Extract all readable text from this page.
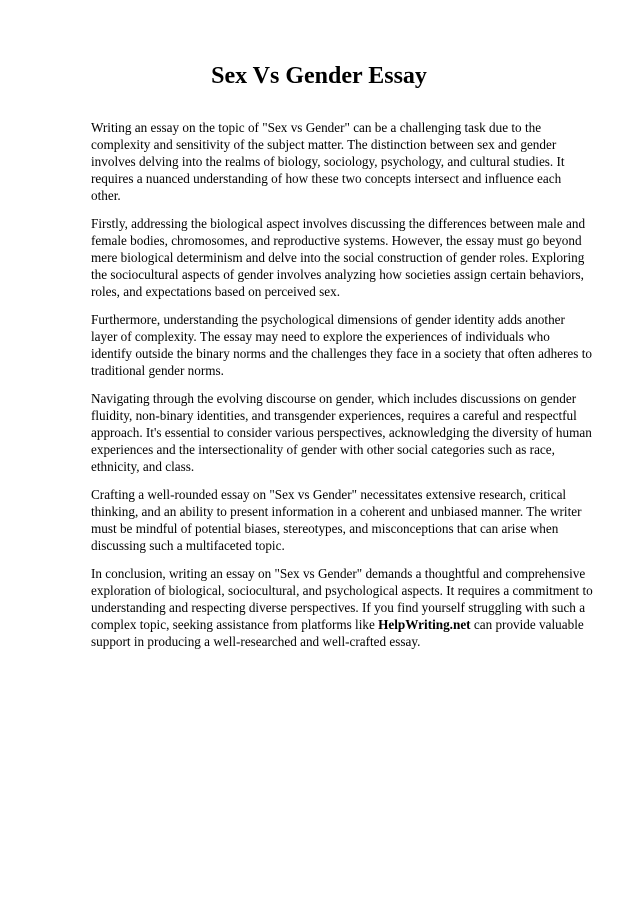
Sex Vs Gender Essay

Writing an essay on the topic of "Sex vs Gender" can be a challenging task due to the complexity and sensitivity of the subject matter. The distinction between sex and gender involves delving into the realms of biology, sociology, psychology, and cultural studies. It requires a nuanced understanding of how these two concepts intersect and influence each other.

Firstly, addressing the biological aspect involves discussing the differences between male and female bodies, chromosomes, and reproductive systems. However, the essay must go beyond mere biological determinism and delve into the social construction of gender roles. Exploring the sociocultural aspects of gender involves analyzing how societies assign certain behaviors, roles, and expectations based on perceived sex.

Furthermore, understanding the psychological dimensions of gender identity adds another layer of complexity. The essay may need to explore the experiences of individuals who identify outside the binary norms and the challenges they face in a society that often adheres to traditional gender norms.

Navigating through the evolving discourse on gender, which includes discussions on gender fluidity, non-binary identities, and transgender experiences, requires a careful and respectful approach. It's essential to consider various perspectives, acknowledging the diversity of human experiences and the intersectionality of gender with other social categories such as race, ethnicity, and class.

Crafting a well-rounded essay on "Sex vs Gender" necessitates extensive research, critical thinking, and an ability to present information in a coherent and unbiased manner. The writer must be mindful of potential biases, stereotypes, and misconceptions that can arise when discussing such a multifaceted topic.

In conclusion, writing an essay on "Sex vs Gender" demands a thoughtful and comprehensive exploration of biological, sociocultural, and psychological aspects. It requires a commitment to understanding and respecting diverse perspectives. If you find yourself struggling with such a complex topic, seeking assistance from platforms like HelpWriting.net can provide valuable support in producing a well-researched and well-crafted essay.
